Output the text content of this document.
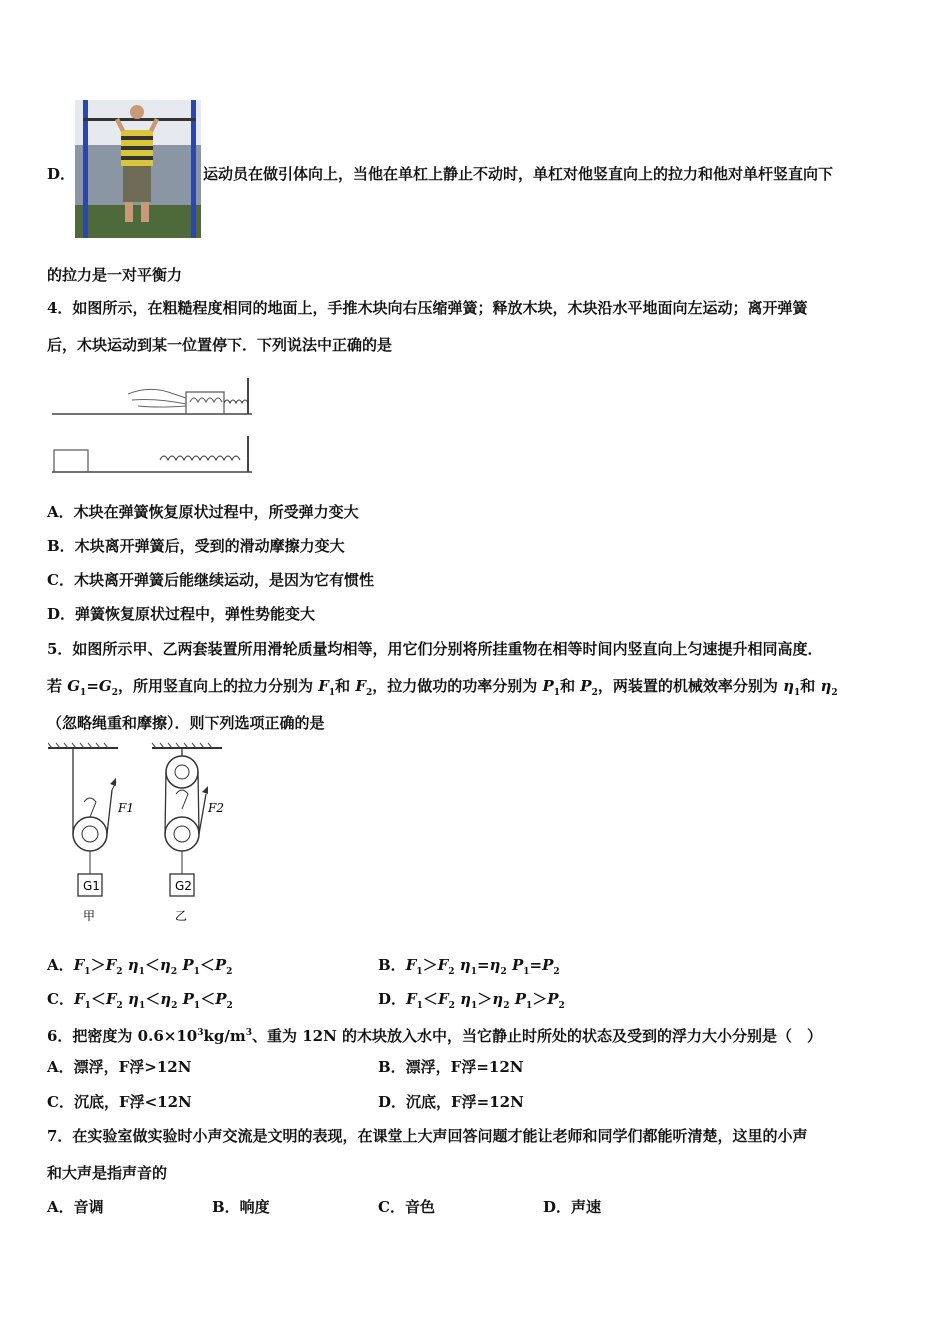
D．	运动员在做引体向上，当他在单杠上静止不动时，单杠对他竖直向上的拉力和他对单杆竖直向下
的拉力是一对平衡力
4．如图所示，在粗糙程度相同的地面上，手推木块向右压缩弹簧；释放木块，木块沿水平地面向左运动；离开弹簧
后，木块运动到某一位置停下．下列说法中正确的是
A．木块在弹簧恢复原状过程中，所受弹力变大
B．木块离开弹簧后，受到的滑动摩擦力变大
C．木块离开弹簧后能继续运动，是因为它有惯性
D．弹簧恢复原状过程中，弹性势能变大
5．如图所示甲、乙两套装置所用滑轮质量均相等，用它们分别将所挂重物在相等时间内竖直向上匀速提升相同高度．
若 $G_1=G_2$，所用竖直向上的拉力分别为 $F_1$和 $F_2$，拉力做功的功率分别为 $P_1$和 $P_2$，两装置的机械效率分别为 $\eta_1$和 $\eta_2$
（忽略绳重和摩擦）．则下列选项正确的是
F1
G1
甲
F2
G2
乙
A．$F_1>F_2$ $\eta_1<\eta_2$ $P_1<P_2$	B．$F_1>F_2$ $\eta_1=\eta_2$ $P_1=P_2$
C．$F_1<F_2$ $\eta_1<\eta_2$ $P_1<P_2$	D．$F_1<F_2$ $\eta_1>\eta_2$ $P_1>P_2$
6．把密度为 $0.6\times 10^3kg/m^3$、重为 12N 的木块放入水中，当它静止时所处的状态及受到的浮力大小分别是（　）
A．漂浮，F浮>12N	B．漂浮，F浮=12N
C．沉底，F浮<12N	D．沉底，F浮=12N
7．在实验室做实验时小声交流是文明的表现，在课堂上大声回答问题才能让老师和同学们都能听清楚，这里的小声
和大声是指声音的
A．音调	B．响度	C．音色	D．声速
